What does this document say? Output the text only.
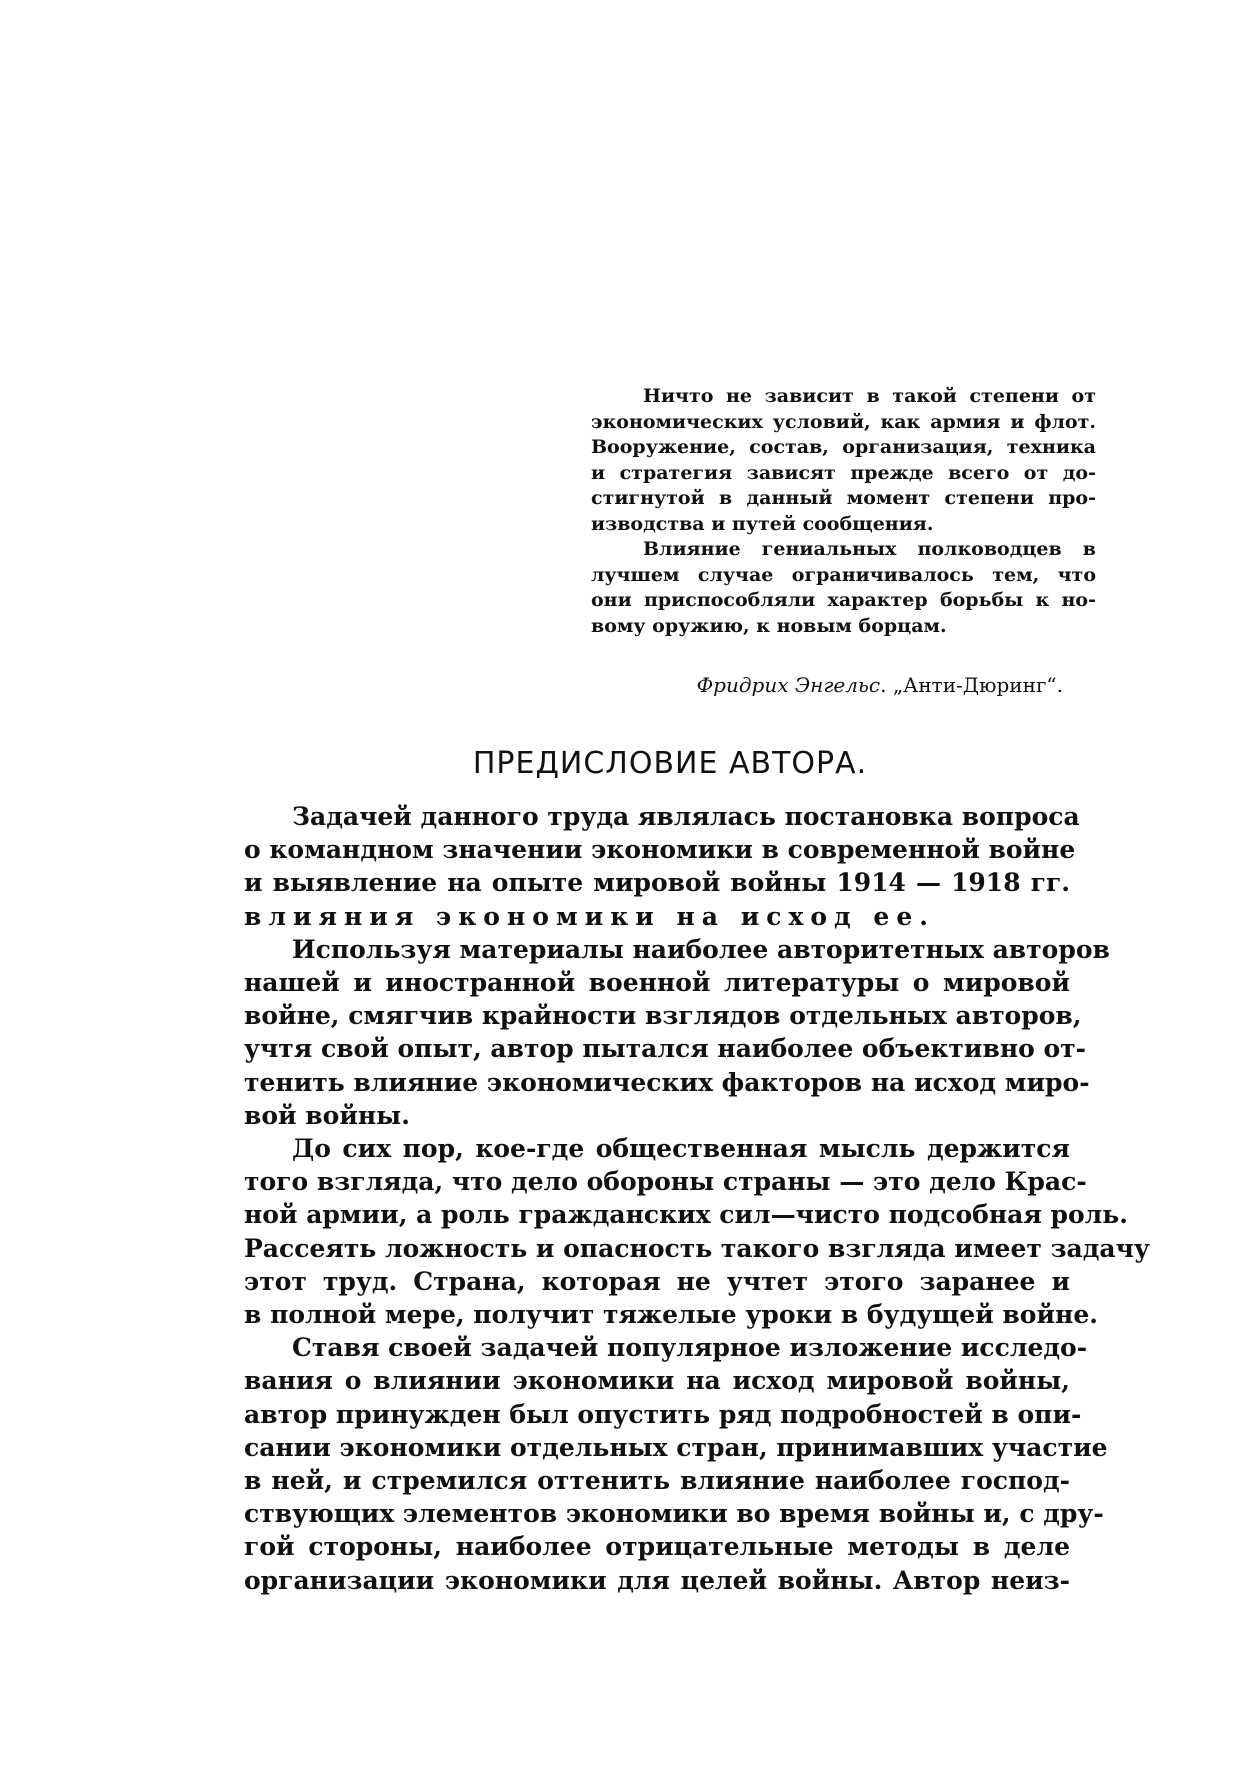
Ничто не зависит в такой степени от
экономических условий, как армия и флот.
Вооружение, состав, организация, техника
и стратегия зависят прежде всего от до-
стигнутой в данный момент степени про-
изводства и путей сообщения.
Влияние гениальных полководцев в
лучшем случае ограничивалось тем, что
они приспособляли характер борьбы к но-
вому оружию, к новым борцам.
Фридрих Энгельс. „Анти-Дюринг“.
ПРЕДИСЛОВИЕ АВТОРА.
Задачей данного труда являлась постановка вопроса
о командном значении экономики в современной войне
и выявление на опыте мировой войны 1914 — 1918 гг.
влияния экономики на исход ее.
Используя материалы наиболее авторитетных авторов
нашей и иностранной военной литературы о мировой
войне, смягчив крайности взглядов отдельных авторов,
учтя свой опыт, автор пытался наиболее объективно от-
тенить влияние экономических факторов на исход миро-
вой войны.
До сих пор, кое-где общественная мысль держится
того взгляда, что дело обороны страны — это дело Крас-
ной армии, а роль гражданских сил—чисто подсобная роль.
Рассеять ложность и опасность такого взгляда имеет задачу
этот труд. Страна, которая не учтет этого заранее и
в полной мере, получит тяжелые уроки в будущей войне.
Ставя своей задачей популярное изложение исследо-
вания о влиянии экономики на исход мировой войны,
автор принужден был опустить ряд подробностей в опи-
сании экономики отдельных стран, принимавших участие
в ней, и стремился оттенить влияние наиболее господ-
ствующих элементов экономики во время войны и, с дру-
гой стороны, наиболее отрицательные методы в деле
организации экономики для целей войны. Автор неиз-
